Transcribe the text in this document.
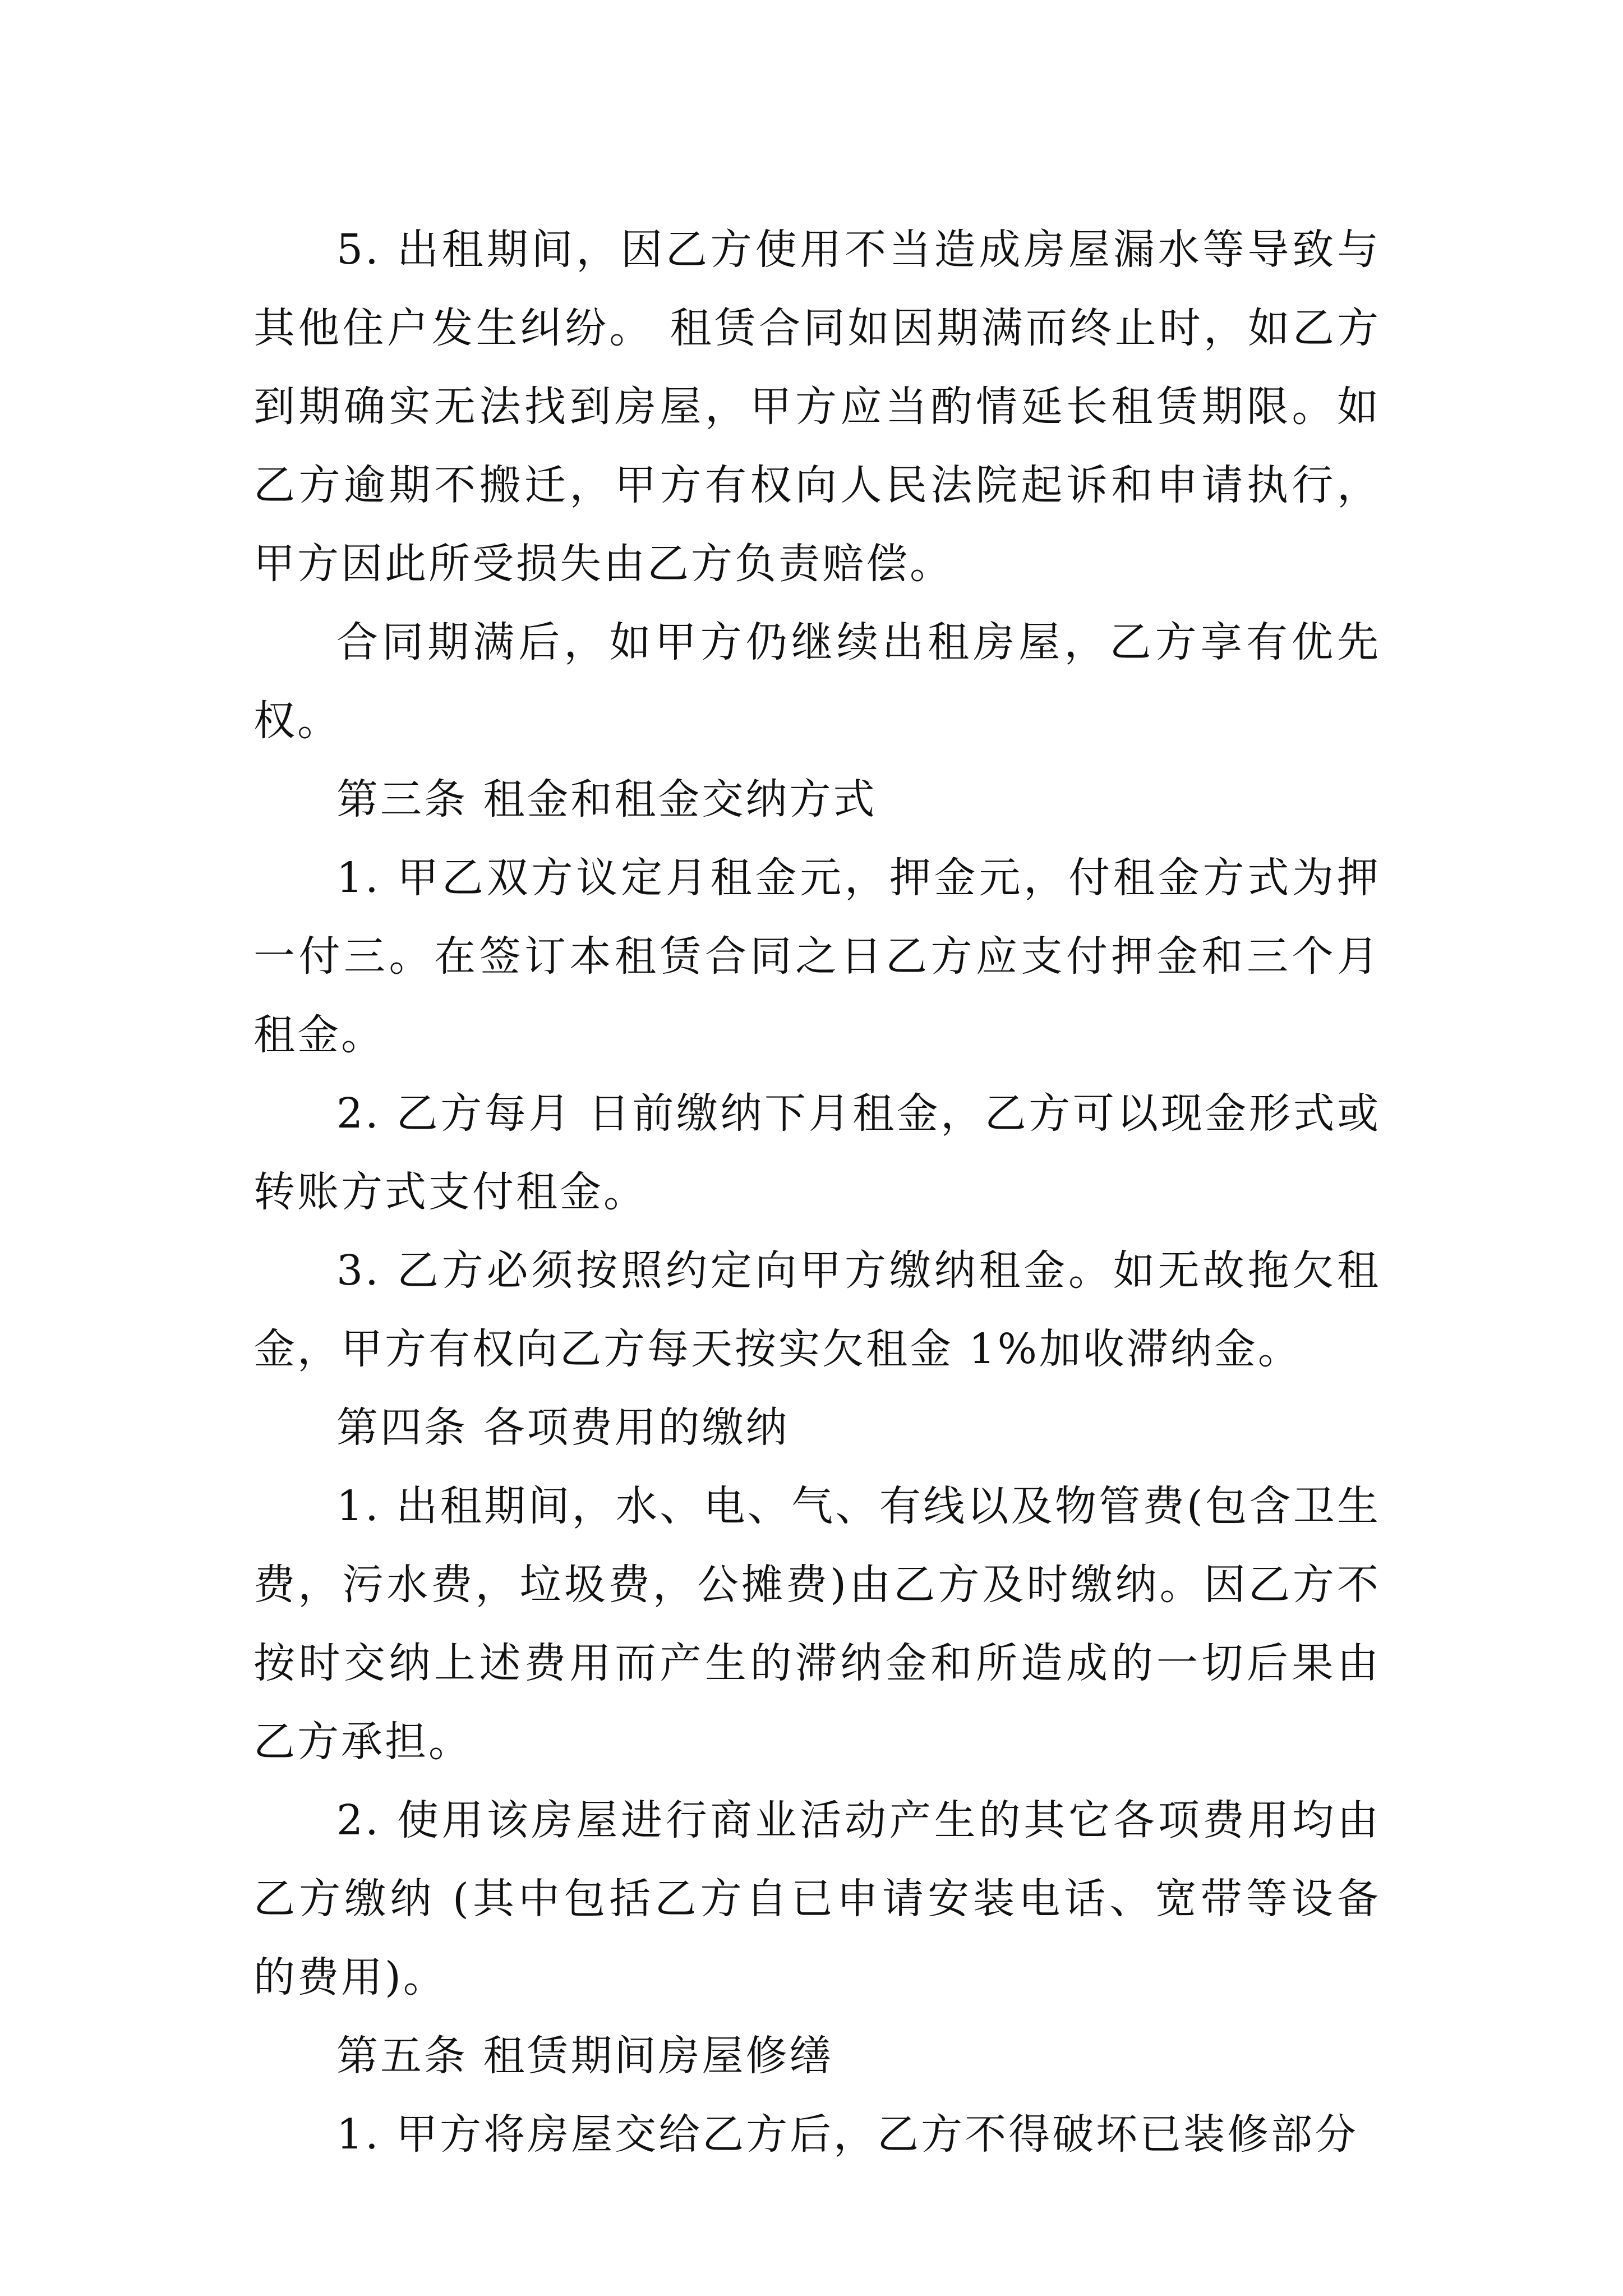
5. 出租期间，因乙方使用不当造成房屋漏水等导致与其他住户发生纠纷。 租赁合同如因期满而终止时，如乙方到期确实无法找到房屋，甲方应当酌情延长租赁期限。如乙方逾期不搬迁，甲方有权向人民法院起诉和申请执行，甲方因此所受损失由乙方负责赔偿。

合同期满后，如甲方仍继续出租房屋，乙方享有优先权。

第三条 租金和租金交纳方式

1. 甲乙双方议定月租金元，押金元，付租金方式为押一付三。在签订本租赁合同之日乙方应支付押金和三个月租金。

2. 乙方每月 日前缴纳下月租金，乙方可以现金形式或转账方式支付租金。

3. 乙方必须按照约定向甲方缴纳租金。如无故拖欠租金，甲方有权向乙方每天按实欠租金 1%加收滞纳金。

第四条 各项费用的缴纳

1. 出租期间，水、电、气、有线以及物管费(包含卫生费，污水费，垃圾费，公摊费)由乙方及时缴纳。因乙方不按时交纳上述费用而产生的滞纳金和所造成的一切后果由乙方承担。

2. 使用该房屋进行商业活动产生的其它各项费用均由乙方缴纳 (其中包括乙方自已申请安装电话、宽带等设备的费用)。

第五条 租赁期间房屋修缮

1. 甲方将房屋交给乙方后，乙方不得破坏已装修部分
